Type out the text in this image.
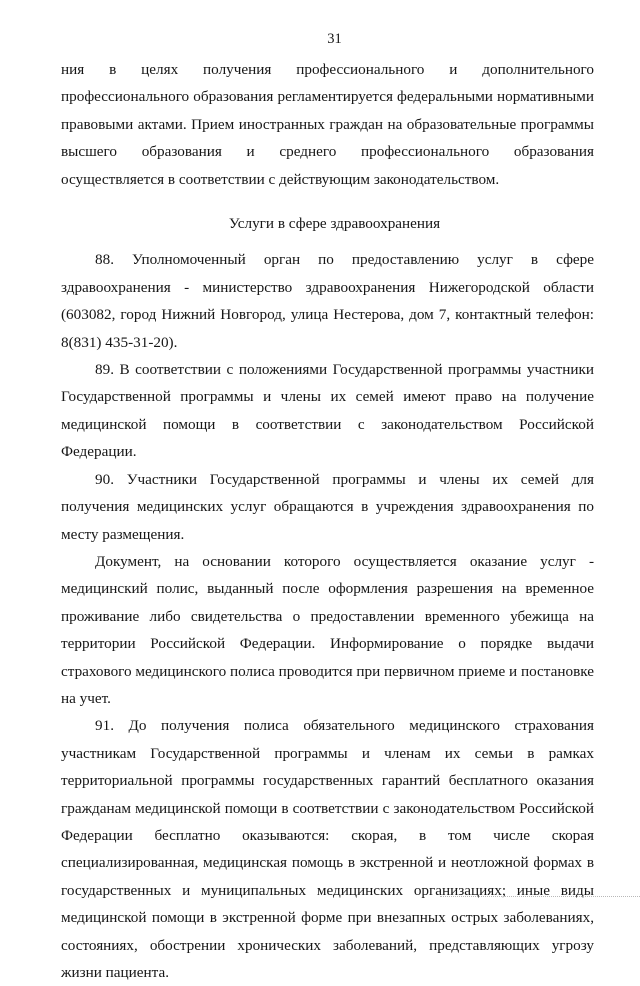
31

ния в целях получения профессионального и дополнительного профессионального образования регламентируется федеральными нормативными правовыми актами. Прием иностранных граждан на образовательные программы высшего образования и среднего профессионального образования осуществляется в соответствии с действующим законодательством.

Услуги в сфере здравоохранения

88. Уполномоченный орган по предоставлению услуг в сфере здравоохранения - министерство здравоохранения Нижегородской области (603082, город Нижний Новгород, улица Нестерова, дом 7, контактный телефон: 8(831) 435-31-20).

89. В соответствии с положениями Государственной программы участники Государственной программы и члены их семей имеют право на получение медицинской помощи в соответствии с законодательством Российской Федерации.

90. Участники Государственной программы и члены их семей для получения медицинских услуг обращаются в учреждения здравоохранения по месту размещения.

Документ, на основании которого осуществляется оказание услуг - медицинский полис, выданный после оформления разрешения на временное проживание либо свидетельства о предоставлении временного убежища на территории Российской Федерации. Информирование о порядке выдачи страхового медицинского полиса проводится при первичном приеме и постановке на учет.

91. До получения полиса обязательного медицинского страхования участникам Государственной программы и членам их семьи в рамках территориальной программы государственных гарантий бесплатного оказания гражданам медицинской помощи в соответствии с законодательством Российской Федерации бесплатно оказываются: скорая, в том числе скорая специализированная, медицинская помощь в экстренной и неотложной формах в государственных и муниципальных медицинских организациях; иные виды медицинской помощи в экстренной форме при внезапных острых заболеваниях, состояниях, обострении хронических заболеваний, представляющих угрозу жизни пациента.
